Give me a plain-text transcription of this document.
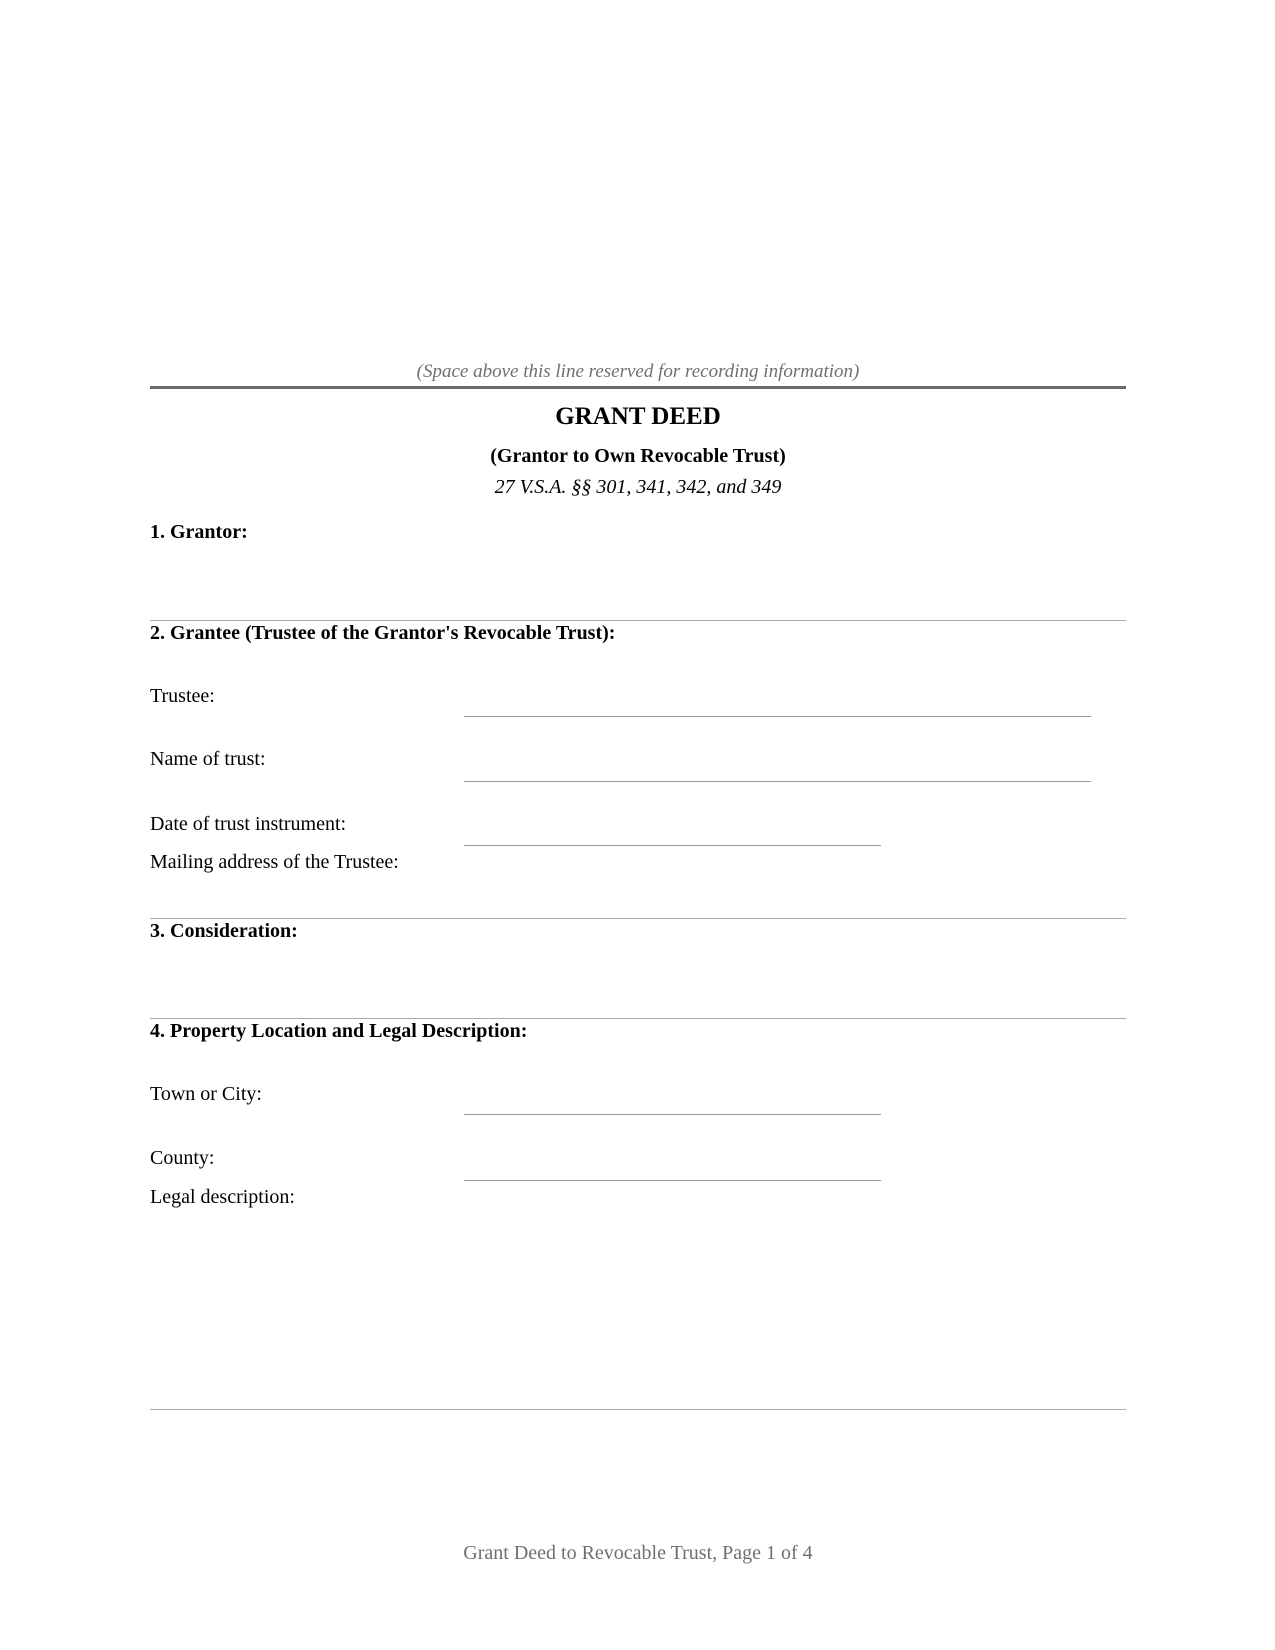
(Space above this line reserved for recording information)
GRANT DEED
(Grantor to Own Revocable Trust)
27 V.S.A. §§ 301, 341, 342, and 349
1. Grantor:
2. Grantee (Trustee of the Grantor's Revocable Trust):
Trustee:
Name of trust:
Date of trust instrument:
Mailing address of the Trustee:
3. Consideration:
4. Property Location and Legal Description:
Town or City:
County:
Legal description:
Grant Deed to Revocable Trust, Page 1 of 4
